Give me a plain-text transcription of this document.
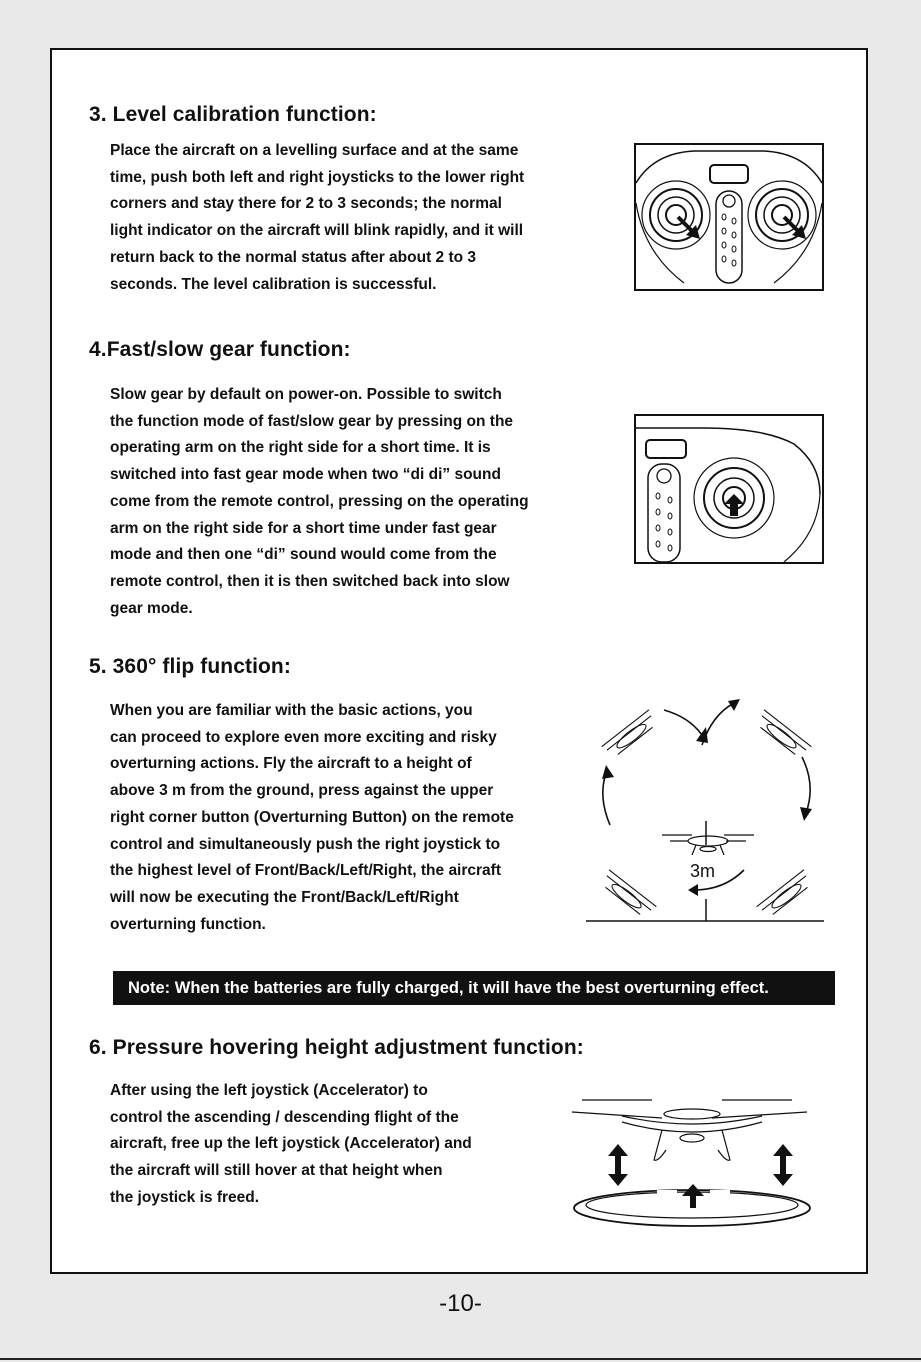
3. Level calibration function:

Place the aircraft on a levelling surface and at the same
time, push both left and right joysticks to the lower right
corners and stay there for 2 to 3 seconds; the normal
light indicator on the aircraft will blink rapidly, and it will
return back to the normal status after about 2 to 3
seconds. The level calibration is successful.

4.Fast/slow gear function:

Slow gear by default on power-on. Possible to switch
the function mode of fast/slow gear by pressing on the
operating arm on the right side for a short time. It is
switched into fast gear mode when two “di di” sound
come from the remote control, pressing on the operating
arm on the right side for a short time under fast gear
mode and then one “di” sound would come from the
remote control, then it is then switched back into slow
gear mode.

5. 360° flip function:

When you are familiar with the basic actions, you
can proceed to explore even more exciting and risky
overturning actions. Fly the aircraft to a height of
above 3 m from the ground, press against the upper
right corner button (Overturning Button) on the remote
control and simultaneously push the right joystick to
the highest level of Front/Back/Left/Right, the aircraft
will now be executing the Front/Back/Left/Right
overturning function.

3m
Note: When the batteries are fully charged, it will have the best overturning effect.
6. Pressure hovering height adjustment function:

After using the left joystick (Accelerator) to
control the ascending / descending flight of the
aircraft, free up the left joystick (Accelerator) and
the aircraft will still hover at that height when
the joystick is freed.

-10-
